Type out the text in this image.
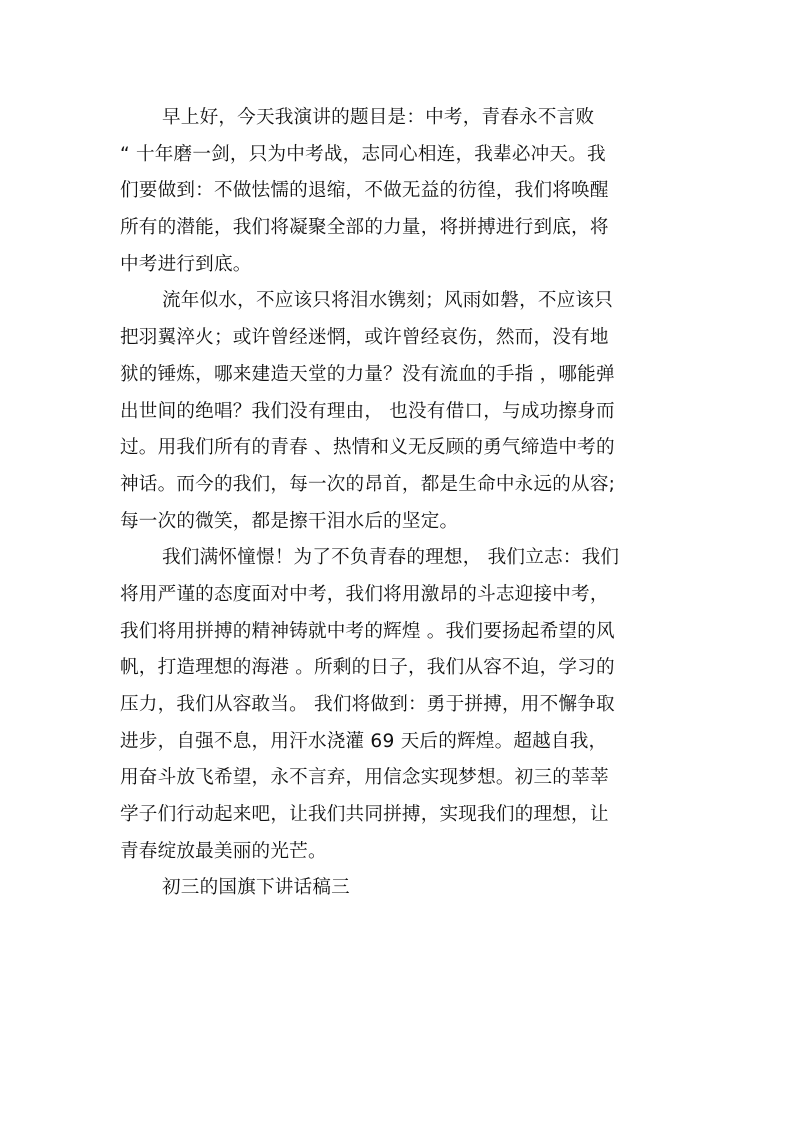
早上好，今天我演讲的题目是：中考，青春永不言败
“ 十年磨一剑，只为中考战，志同心相连，我辈必冲天。我
们要做到：不做怯懦的退缩，不做无益的彷徨，我们将唤醒
所有的潜能，我们将凝聚全部的力量，将拼搏进行到底，将
中考进行到底。
流年似水，不应该只将泪水镌刻；风雨如磐，不应该只
把羽翼淬火；或许曾经迷惘，或许曾经哀伤，然而，没有地
狱的锤炼，哪来建造天堂的力量？没有流血的手指 ，哪能弹
出世间的绝唱？我们没有理由， 也没有借口，与成功擦身而
过。用我们所有的青春 、热情和义无反顾的勇气缔造中考的
神话。而今的我们，每一次的昂首，都是生命中永远的从容;
每一次的微笑，都是擦干泪水后的坚定。
我们满怀憧憬！为了不负青春的理想， 我们立志：我们
将用严谨的态度面对中考，我们将用激昂的斗志迎接中考，
我们将用拼搏的精神铸就中考的辉煌 。我们要扬起希望的风
帆，打造理想的海港 。所剩的日子，我们从容不迫，学习的
压力，我们从容敢当。 我们将做到：勇于拼搏，用不懈争取
进步，自强不息，用汗水浇灌 69 天后的辉煌。超越自我，
用奋斗放飞希望，永不言弃，用信念实现梦想。初三的莘莘
学子们行动起来吧，让我们共同拼搏，实现我们的理想，让
青春绽放最美丽的光芒。
初三的国旗下讲话稿三
